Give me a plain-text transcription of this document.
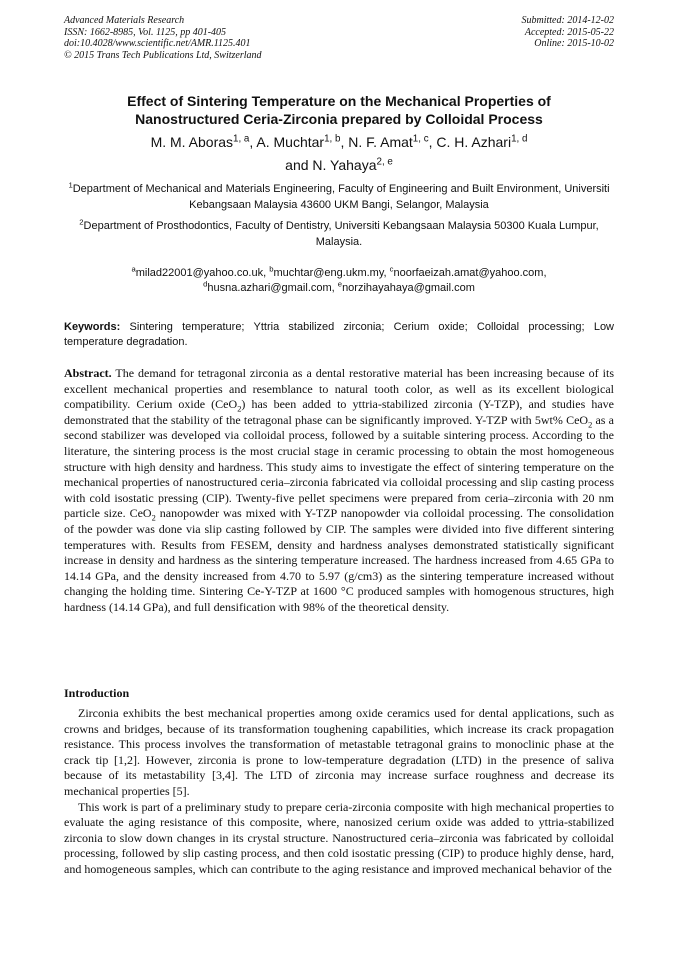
Advanced Materials Research
ISSN: 1662-8985, Vol. 1125, pp 401-405
doi:10.4028/www.scientific.net/AMR.1125.401
© 2015 Trans Tech Publications Ltd, Switzerland
Submitted: 2014-12-02
Accepted: 2015-05-22
Online: 2015-10-02
Effect of Sintering Temperature on the Mechanical Properties of
Nanostructured Ceria-Zirconia prepared by Colloidal Process
M. M. Aboras$^{1, a}$, A. Muchtar$^{1, b}$, N. F. Amat$^{1, c}$, C. H. Azhari$^{1, d}$
and N. Yahaya$^{2, e}$
$^1$Department of Mechanical and Materials Engineering, Faculty of Engineering and Built Environment, Universiti Kebangsaan Malaysia 43600 UKM Bangi, Selangor, Malaysia
$^2$Department of Prosthodontics, Faculty of Dentistry, Universiti Kebangsaan Malaysia 50300 Kuala Lumpur, Malaysia.
$^a$milad22001@yahoo.co.uk, $^b$muchtar@eng.ukm.my, $^c$noorfaeizah.amat@yahoo.com,
$^d$husna.azhari@gmail.com, $^e$norzihayahaya@gmail.com
Keywords: Sintering temperature; Yttria stabilized zirconia; Cerium oxide; Colloidal processing; Low temperature degradation.
Abstract. The demand for tetragonal zirconia as a dental restorative material has been increasing because of its excellent mechanical properties and resemblance to natural tooth color, as well as its excellent biological compatibility. Cerium oxide (CeO$_2$) has been added to yttria-stabilized zirconia (Y-TZP), and studies have demonstrated that the stability of the tetragonal phase can be significantly improved. Y-TZP with 5wt% CeO$_2$ as a second stabilizer was developed via colloidal process, followed by a suitable sintering process. According to the literature, the sintering process is the most crucial stage in ceramic processing to obtain the most homogeneous structure with high density and hardness. This study aims to investigate the effect of sintering temperature on the mechanical properties of nanostructured ceria–zirconia fabricated via colloidal processing and slip casting process with cold isostatic pressing (CIP). Twenty-five pellet specimens were prepared from ceria–zirconia with 20 nm particle size. CeO$_2$ nanopowder was mixed with Y-TZP nanopowder via colloidal processing. The consolidation of the powder was done via slip casting followed by CIP. The samples were divided into five different sintering temperatures with. Results from FESEM, density and hardness analyses demonstrated statistically significant increase in density and hardness as the sintering temperature increased. The hardness increased from 4.65 GPa to 14.14 GPa, and the density increased from 4.70 to 5.97 (g/cm3) as the sintering temperature increased without changing the holding time. Sintering Ce-Y-TZP at 1600 °C produced samples with homogenous structures, high hardness (14.14 GPa), and full densification with 98% of the theoretical density.
Introduction

Zirconia exhibits the best mechanical properties among oxide ceramics used for dental applications, such as crowns and bridges, because of its transformation toughening capabilities, which increase its crack propagation resistance. This process involves the transformation of metastable tetragonal grains to monoclinic phase at the crack tip [1,2]. However, zirconia is prone to low-temperature degradation (LTD) in the presence of saliva because of its metastability [3,4]. The LTD of zirconia may increase surface roughness and decrease its mechanical properties [5].

This work is part of a preliminary study to prepare ceria-zirconia composite with high mechanical properties to evaluate the aging resistance of this composite, where, nanosized cerium oxide was added to yttria-stabilized zirconia to slow down changes in its crystal structure. Nanostructured ceria–zirconia was fabricated by colloidal processing, followed by slip casting process, and then cold isostatic pressing (CIP) to produce highly dense, hard, and homogeneous samples, which can contribute to the aging resistance and improved mechanical behavior of the
